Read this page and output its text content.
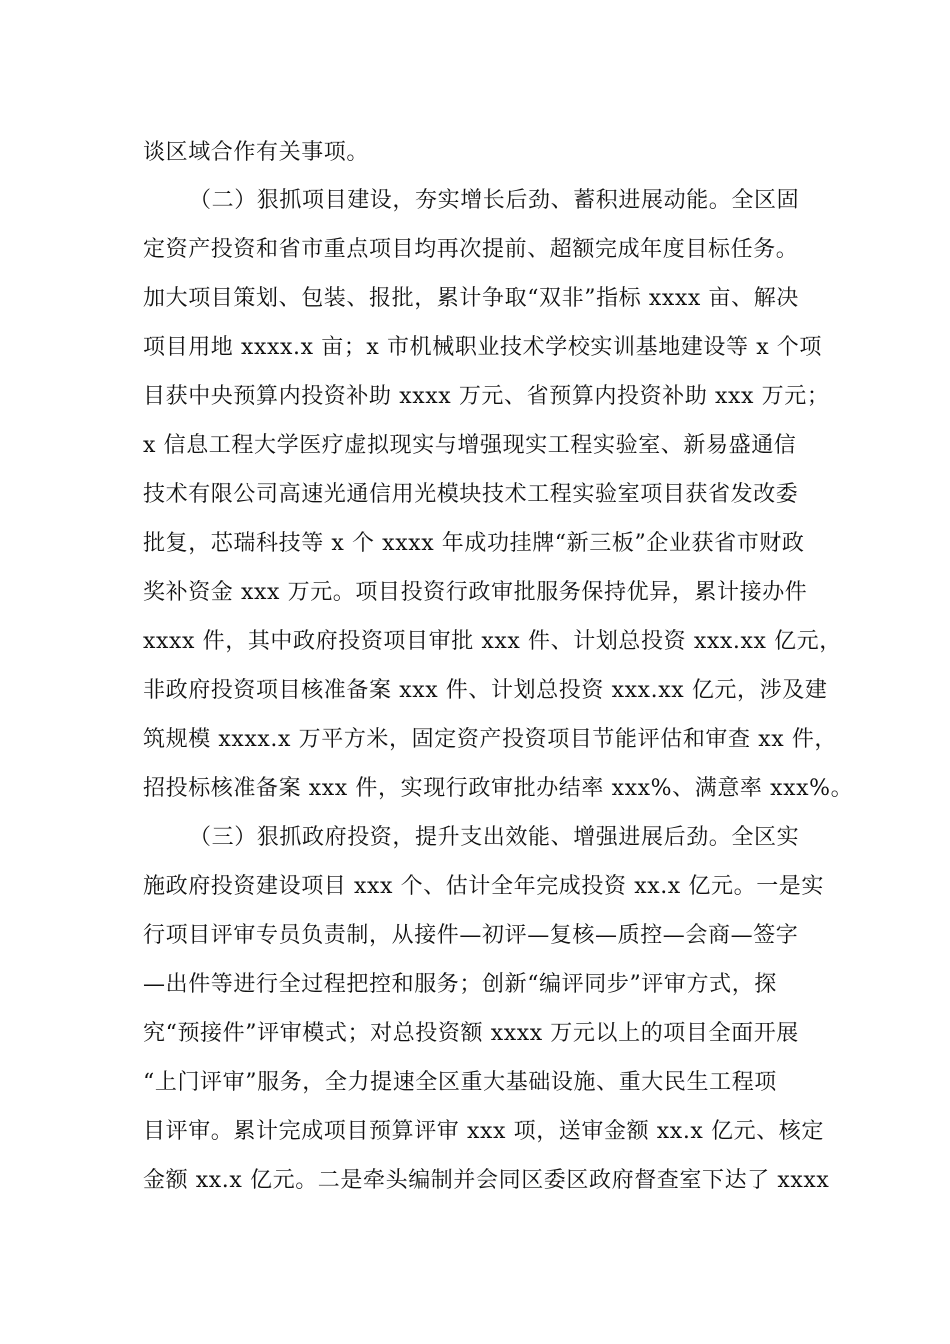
谈区域合作有关事项。
（二）狠抓项目建设，夯实增长后劲、蓄积进展动能。全区固
定资产投资和省市重点项目均再次提前、超额完成年度目标任务。
加大项目策划、包装、报批，累计争取“双非”指标 xxxx 亩、解决
项目用地 xxxx.x 亩；x 市机械职业技术学校实训基地建设等 x 个项
目获中央预算内投资补助 xxxx 万元、省预算内投资补助 xxx 万元；
x 信息工程大学医疗虚拟现实与增强现实工程实验室、新易盛通信
技术有限公司高速光通信用光模块技术工程实验室项目获省发改委
批复，芯瑞科技等 x 个 xxxx 年成功挂牌“新三板”企业获省市财政
奖补资金 xxx 万元。项目投资行政审批服务保持优异，累计接办件
xxxx 件，其中政府投资项目审批 xxx 件、计划总投资 xxx.xx 亿元，
非政府投资项目核准备案 xxx 件、计划总投资 xxx.xx 亿元，涉及建
筑规模 xxxx.x 万平方米，固定资产投资项目节能评估和审查 xx 件，
招投标核准备案 xxx 件，实现行政审批办结率 xxx%、满意率 xxx%。
（三）狠抓政府投资，提升支出效能、增强进展后劲。全区实
施政府投资建设项目 xxx 个、估计全年完成投资 xx.x 亿元。一是实
行项目评审专员负责制，从接件—初评—复核—质控—会商—签字
—出件等进行全过程把控和服务；创新“编评同步”评审方式，探
究“预接件”评审模式；对总投资额 xxxx 万元以上的项目全面开展
“上门评审”服务，全力提速全区重大基础设施、重大民生工程项
目评审。累计完成项目预算评审 xxx 项，送审金额 xx.x 亿元、核定
金额 xx.x 亿元。二是牵头编制并会同区委区政府督查室下达了 xxxx
